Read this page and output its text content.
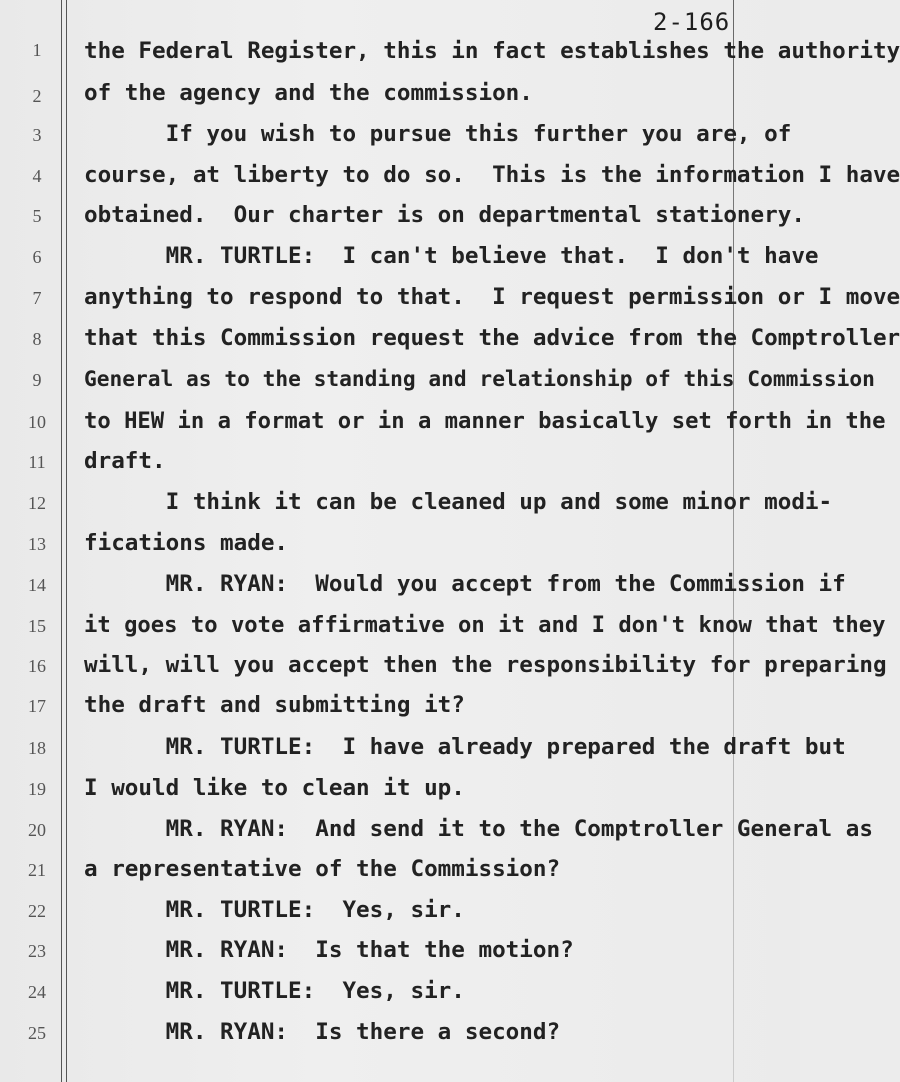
2-166
1
2
3
4
5
6
7
8
9
10
11
12
13
14
15
16
17
18
19
20
21
22
23
24
25
the Federal Register, this in fact establishes the authority
of the agency and the commission.
If you wish to pursue this further you are, of
course, at liberty to do so.  This is the information I have
obtained.  Our charter is on departmental stationery.
MR. TURTLE:  I can't believe that.  I don't have
anything to respond to that.  I request permission or I move
that this Commission request the advice from the Comptroller
General as to the standing and relationship of this Commission
to HEW in a format or in a manner basically set forth in the
draft.
I think it can be cleaned up and some minor modi-
fications made.
MR. RYAN:  Would you accept from the Commission if
it goes to vote affirmative on it and I don't know that they
will, will you accept then the responsibility for preparing
the draft and submitting it?
MR. TURTLE:  I have already prepared the draft but
I would like to clean it up.
MR. RYAN:  And send it to the Comptroller General as
a representative of the Commission?
MR. TURTLE:  Yes, sir.
MR. RYAN:  Is that the motion?
MR. TURTLE:  Yes, sir.
MR. RYAN:  Is there a second?
